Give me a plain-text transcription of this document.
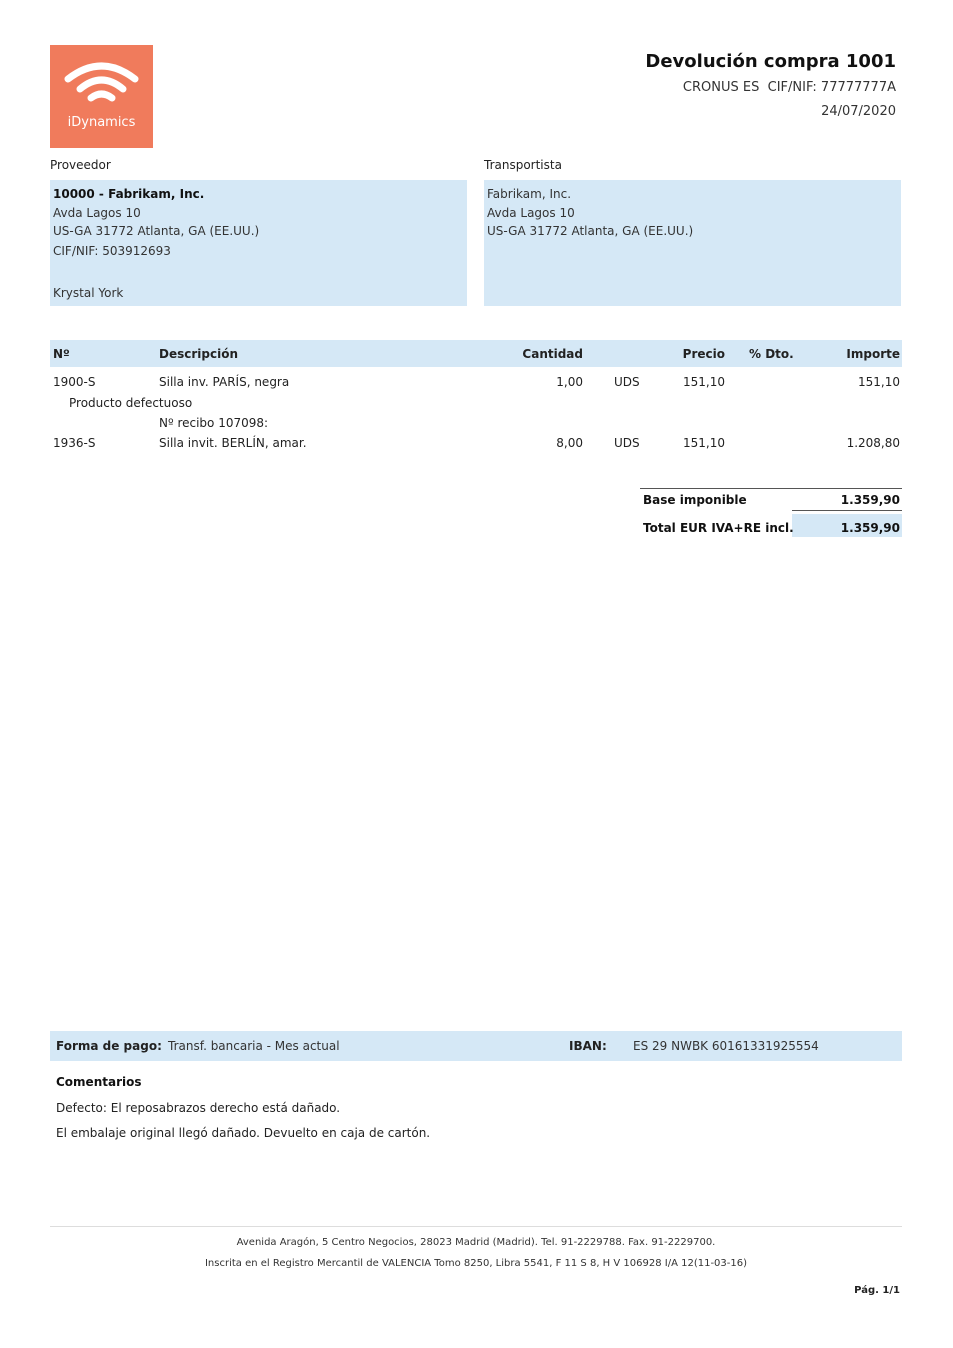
iDynamics
Devolución compra 1001
CRONUS ES  CIF/NIF: 77777777A
24/07/2020
Proveedor
10000 - Fabrikam, Inc.
Avda Lagos 10
US-GA 31772 Atlanta, GA (EE.UU.)
CIF/NIF: 503912693
Krystal York
Transportista
Fabrikam, Inc.
Avda Lagos 10
US-GA 31772 Atlanta, GA (EE.UU.)
Nº	Descripción	Cantidad	Precio % Dto.	Importe
1900-S	Silla inv. PARÍS, negra	1,00	UDS	151,10	151,10
Producto defectuoso
Nº recibo 107098:
1936-S	Silla invit. BERLÍN, amar.	8,00	UDS	151,10	1.208,80
Base imponible	1.359,90
Total EUR IVA+RE incl.	1.359,90
Forma de pago: Transf. bancaria - Mes actual	IBAN: ES 29 NWBK 60161331925554
Comentarios
Defecto: El reposabrazos derecho está dañado.
El embalaje original llegó dañado. Devuelto en caja de cartón.
Avenida Aragón, 5 Centro Negocios, 28023 Madrid (Madrid). Tel. 91-2229788. Fax. 91-2229700.
Inscrita en el Registro Mercantil de VALENCIA Tomo 8250, Libra 5541, F 11 S 8, H V 106928 I/A 12(11-03-16)
Pág. 1/1
